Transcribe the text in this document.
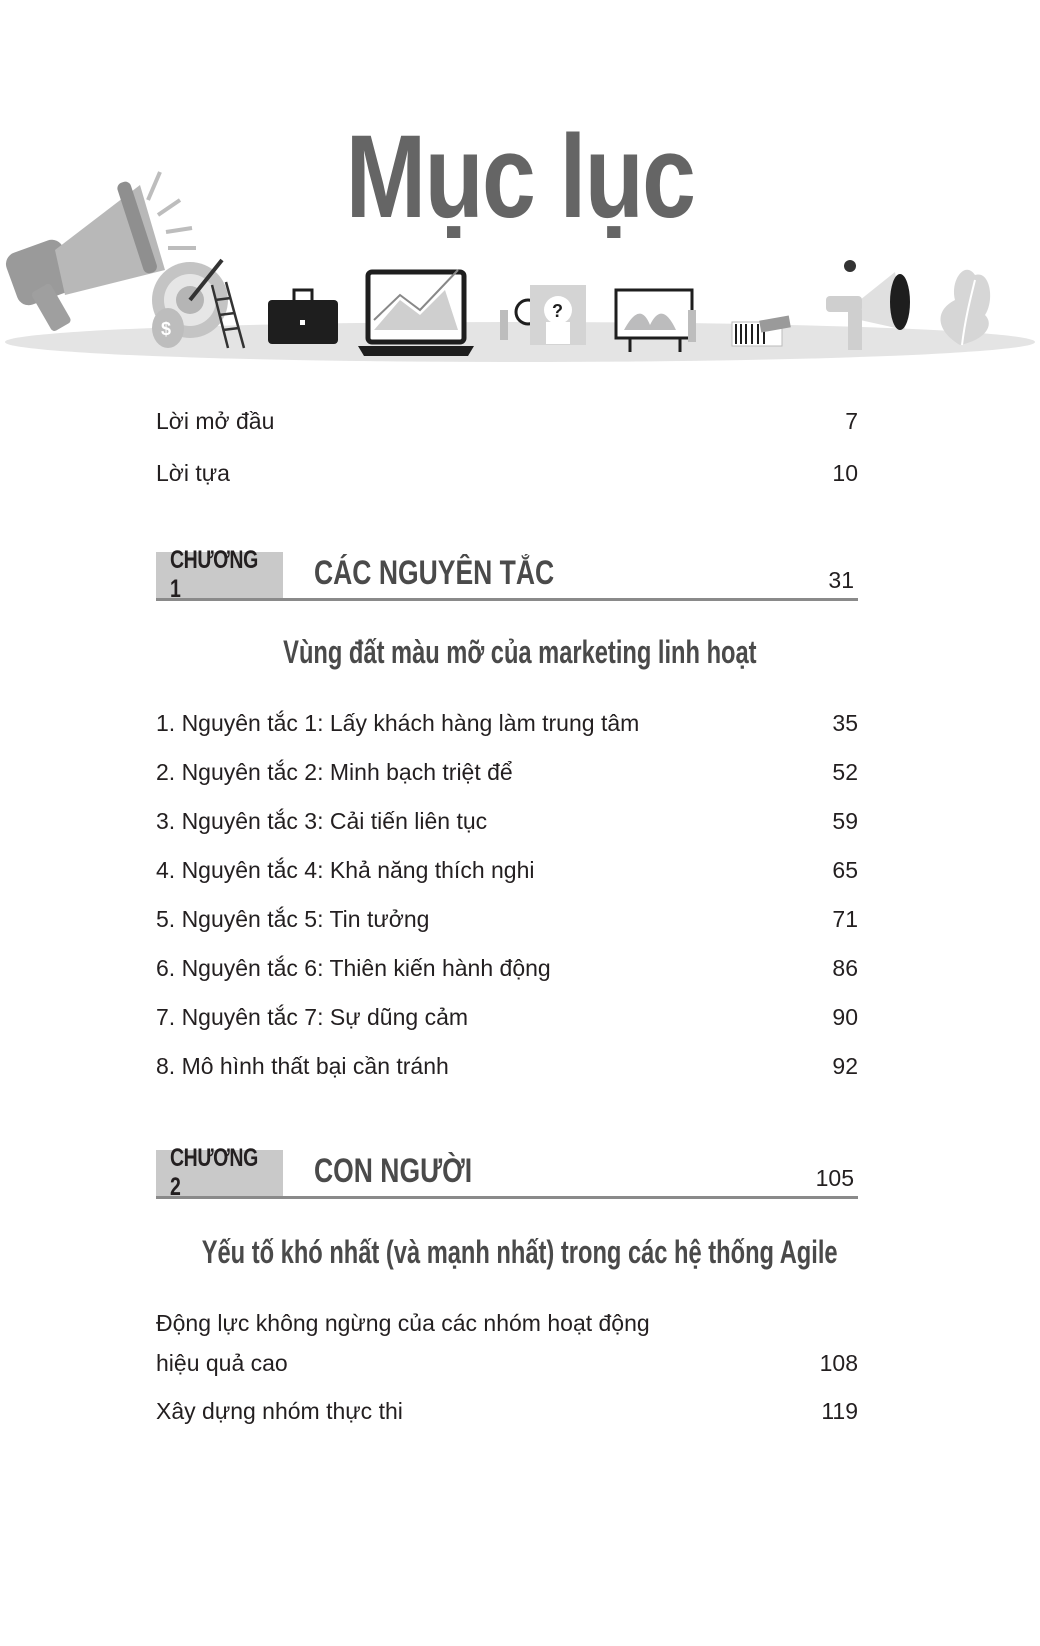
Mục lục
$
?
Lời mở đầu	7
Lời tựa	10
CHƯƠNG 1	CÁC NGUYÊN TẮC	31
Vùng đất màu mỡ của marketing linh hoạt
1. Nguyên tắc 1: Lấy khách hàng làm trung tâm	35
2. Nguyên tắc 2: Minh bạch triệt để	52
3. Nguyên tắc 3: Cải tiến liên tục	59
4. Nguyên tắc 4: Khả năng thích nghi	65
5. Nguyên tắc 5: Tin tưởng	71
6. Nguyên tắc 6: Thiên kiến hành động	86
7. Nguyên tắc 7: Sự dũng cảm	90
8. Mô hình thất bại cần tránh	92
CHƯƠNG 2	CON NGƯỜI	105
Yếu tố khó nhất (và mạnh nhất) trong các hệ thống Agile
Động lực không ngừng của các nhóm hoạt động
hiệu quả cao	108
Xây dựng nhóm thực thi	119
